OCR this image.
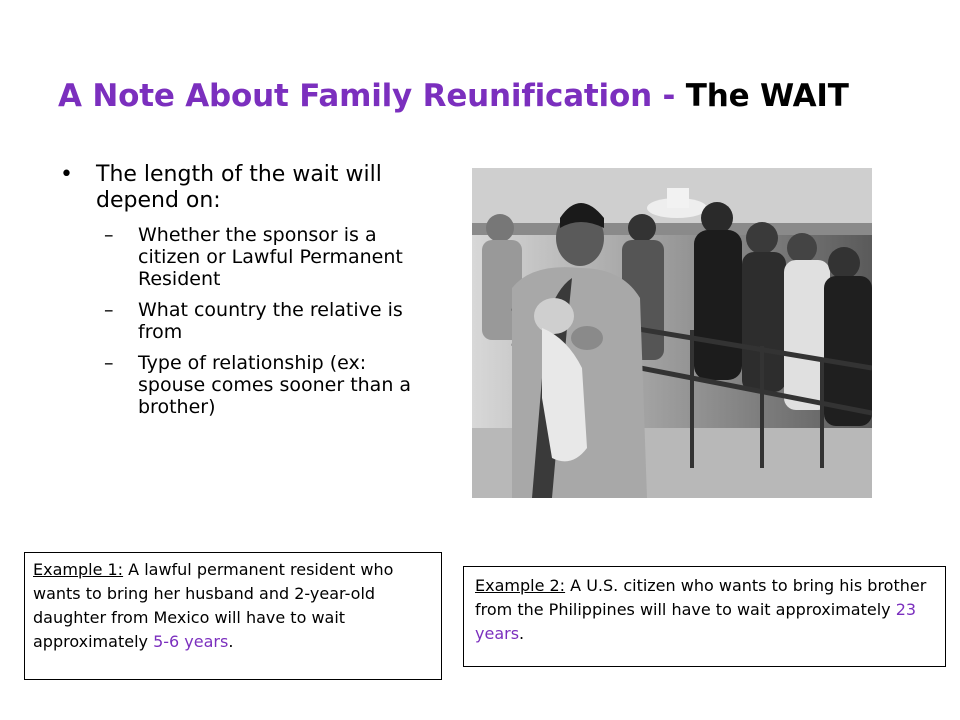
A Note About Family Reunification - The WAIT
•	The length of the wait will depend on:
–	Whether the sponsor is a citizen or Lawful Permanent Resident
–	What country the relative is from
–	Type of relationship (ex: spouse comes sooner than a brother)
Example 1: A lawful permanent resident who wants to bring her husband and 2-year-old daughter from Mexico will have to wait approximately 5-6 years.
Example 2: A U.S. citizen who wants to bring his brother from the Philippines will have to wait approximately 23 years.
